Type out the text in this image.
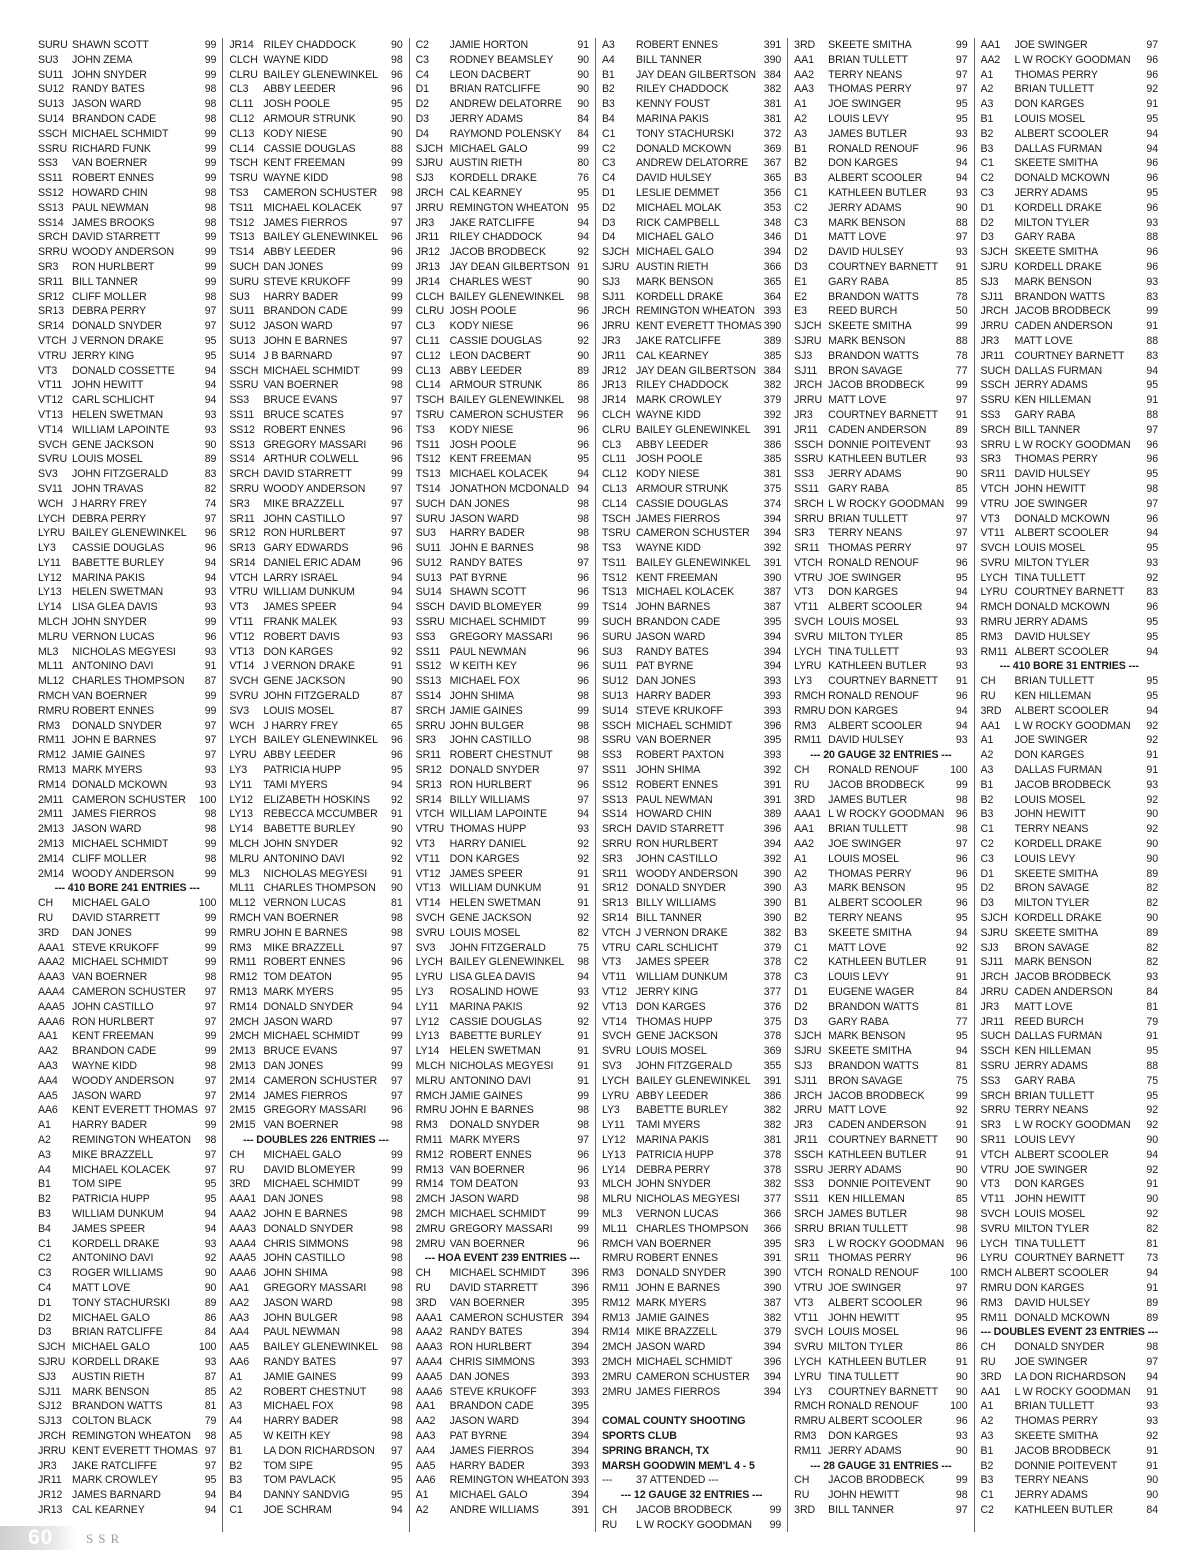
SURU SHAWN SCOTT	99
SU3	JOHN ZEMA	99
SU11 JOHN SNYDER	99
SU12 RANDY BATES	98
SU13 JASON WARD	98
SU14 BRANDON CADE	98
SSCH MICHAEL SCHMIDT	99
SSRU RICHARD FUNK	99
SS3	VAN BOERNER	99
SS11 ROBERT ENNES	99
SS12 HOWARD CHIN	98
SS13 PAUL NEWMAN	98
SS14 JAMES BROOKS	98
SRCH DAVID STARRETT	99
SRRU WOODY ANDERSON	99
SR3	RON HURLBERT	99
SR11 BILL TANNER	99
SR12 CLIFF MOLLER	98
SR13 DEBRA PERRY	97
SR14 DONALD SNYDER	97
VTCH J VERNON DRAKE	95
VTRU JERRY KING	95
VT3	DONALD COSSETTE	94
VT11 JOHN HEWITT	94
VT12 CARL SCHLICHT	94
VT13 HELEN SWETMAN	93
VT14 WILLIAM LAPOINTE	93
SVCH GENE JACKSON	90
SVRU LOUIS MOSEL	89
SV3	JOHN FITZGERALD	83
SV11 JOHN TRAVAS	82
WCH J HARRY FREY	74
LYCH DEBRA PERRY	97
LYRU BAILEY GLENEWINKEL	96
LY3	CASSIE DOUGLAS	96
LY11	BABETTE BURLEY	94
LY12 MARINA PAKIS	94
LY13 HELEN SWETMAN	93
LY14 LISA GLEA DAVIS	93
MLCH JOHN SNYDER	99
MLRU VERNON LUCAS	96
ML3	NICHOLAS MEGYESI	93
ML11 ANTONINO DAVI	91
ML12 CHARLES THOMPSON	87
RMCH VAN BOERNER	99
RMRU ROBERT ENNES	99
RM3	DONALD SNYDER	97
RM11 JOHN E BARNES	97
RM12 JAMIE GAINES	97
RM13 MARK MYERS	93
RM14 DONALD MCKOWN	93
2M11 CAMERON SCHUSTER	100
2M11 JAMES FIERROS	98
2M13 JASON WARD	98
2M13 MICHAEL SCHMIDT	99
2M14 CLIFF MOLLER	98
2M14 WOODY ANDERSON	99
--- 410 BORE 241 ENTRIES ---
CH	MICHAEL GALO	100
RU	DAVID STARRETT	99
3RD	DAN JONES	99
AAA1 STEVE KRUKOFF	99
AAA2 MICHAEL SCHMIDT	99
AAA3 VAN BOERNER	98
AAA4 CAMERON SCHUSTER	97
AAA5 JOHN CASTILLO	97
AAA6 RON HURLBERT	97
AA1	KENT FREEMAN	99
AA2	BRANDON CADE	99
AA3	WAYNE KIDD	98
AA4	WOODY ANDERSON	97
AA5	JASON WARD	97
AA6	KENT EVERETT THOMAS 97
A1	HARRY BADER	99
A2	REMINGTON WHEATON	98
A3	MIKE BRAZZELL	97
A4	MICHAEL KOLACEK	97
B1	TOM SIPE	95
B2	PATRICIA HUPP	95
B3	WILLIAM DUNKUM	94
B4	JAMES SPEER	94
C1	KORDELL DRAKE	93
C2	ANTONINO DAVI	92
C3	ROGER WILLIAMS	90
C4	MATT LOVE	90
D1	TONY STACHURSKI	89
D2	MICHAEL GALO	86
D3	BRIAN RATCLIFFE	84
SJCH MICHAEL GALO	100
SJRU KORDELL DRAKE	93
SJ3	AUSTIN RIETH	87
SJ11	MARK BENSON	85
SJ12 BRANDON WATTS	81
SJ13 COLTON BLACK	79
JRCH REMINGTON WHEATON	98
JRRU KENT EVERETT THOMAS 97
JR3	JAKE RATCLIFFE	97
JR11 MARK CROWLEY	95
JR12 JAMES BARNARD	94
JR13 CAL KEARNEY	94
JR14 RILEY CHADDOCK	90
CLCH WAYNE KIDD	98
CLRU BAILEY GLENEWINKEL	96
CL3	ABBY LEEDER	96
CL11 JOSH POOLE	95
CL12 ARMOUR STRUNK	90
CL13 KODY NIESE	90
CL14 CASSIE DOUGLAS	88
TSCH KENT FREEMAN	99
TSRU WAYNE KIDD	98
TS3	CAMERON SCHUSTER	98
TS11 MICHAEL KOLACEK	97
TS12 JAMES FIERROS	97
TS13 BAILEY GLENEWINKEL	96
TS14 ABBY LEEDER	96
SUCH DAN JONES	99
SURU STEVE KRUKOFF	99
SU3	HARRY BADER	99
SU11 BRANDON CADE	99
SU12 JASON WARD	97
SU13 JOHN E BARNES	97
SU14 J B BARNARD	97
SSCH MICHAEL SCHMIDT	99
SSRU VAN BOERNER	98
SS3	BRUCE EVANS	97
SS11 BRUCE SCATES	97
SS12 ROBERT ENNES	96
SS13 GREGORY MASSARI	96
SS14 ARTHUR COLWELL	96
SRCH DAVID STARRETT	99
SRRU WOODY ANDERSON	97
SR3	MIKE BRAZZELL	97
SR11 JOHN CASTILLO	97
SR12 RON HURLBERT	97
SR13 GARY EDWARDS	96
SR14 DANIEL ERIC ADAM	96
VTCH LARRY ISRAEL	94
VTRU WILLIAM DUNKUM	94
VT3	JAMES SPEER	94
VT11 FRANK MALEK	93
VT12 ROBERT DAVIS	93
VT13 DON KARGES	92
VT14 J VERNON DRAKE	91
SVCH GENE JACKSON	90
SVRU JOHN FITZGERALD	87
SV3	LOUIS MOSEL	87
WCH J HARRY FREY	65
LYCH BAILEY GLENEWINKEL	96
LYRU ABBY LEEDER	96
LY3	PATRICIA HUPP	95
LY11	TAMI MYERS	94
LY12 ELIZABETH HOSKINS	92
LY13 REBECCA MCCUMBER	91
LY14 BABETTE BURLEY	90
MLCH JOHN SNYDER	92
MLRU ANTONINO DAVI	92
ML3	NICHOLAS MEGYESI	91
ML11 CHARLES THOMPSON	90
ML12 VERNON LUCAS	81
RMCH VAN BOERNER	98
RMRU JOHN E BARNES	98
RM3	MIKE BRAZZELL	97
RM11 ROBERT ENNES	96
RM12 TOM DEATON	95
RM13 MARK MYERS	95
RM14 DONALD SNYDER	94
2MCH JASON WARD	97
2MCH MICHAEL SCHMIDT	99
2M13 BRUCE EVANS	97
2M13 DAN JONES	99
2M14 CAMERON SCHUSTER	97
2M14 JAMES FIERROS	97
2M15 GREGORY MASSARI	96
2M15 VAN BOERNER	98
--- DOUBLES 226 ENTRIES ---
CH	MICHAEL GALO	99
RU	DAVID BLOMEYER	99
3RD	MICHAEL SCHMIDT	99
AAA1 DAN JONES	98
AAA2 JOHN E BARNES	98
AAA3 DONALD SNYDER	98
AAA4 CHRIS SIMMONS	98
AAA5 JOHN CASTILLO	98
AAA6 JOHN SHIMA	98
AA1	GREGORY MASSARI	98
AA2	JASON WARD	98
AA3	JOHN BULGER	98
AA4	PAUL NEWMAN	98
AA5	BAILEY GLENEWINKEL	98
AA6	RANDY BATES	97
A1	JAMIE GAINES	99
A2	ROBERT CHESTNUT	98
A3	MICHAEL FOX	98
A4	HARRY BADER	98
A5	W KEITH KEY	98
B1	LA DON RICHARDSON	97
B2	TOM SIPE	95
B3	TOM PAVLACK	95
B4	DANNY SANDVIG	95
C1	JOE SCHRAM	94
C2	JAMIE HORTON	91
C3	RODNEY BEAMSLEY	90
C4	LEON DACBERT	90
D1	BRIAN RATCLIFFE	90
D2	ANDREW DELATORRE	90
D3	JERRY ADAMS	84
D4	RAYMOND POLENSKY	84
SJCH MICHAEL GALO	99
SJRU AUSTIN RIETH	80
SJ3	KORDELL DRAKE	76
JRCH CAL KEARNEY	95
JRRU REMINGTON WHEATON 95
JR3	JAKE RATCLIFFE	94
JR11 RILEY CHADDOCK	94
JR12 JACOB BRODBECK	92
JR13 JAY DEAN GILBERTSON 91
JR14 CHARLES WEST	90
CLCH BAILEY GLENEWINKEL	98
CLRU JOSH POOLE	96
CL3	KODY NIESE	96
CL11 CASSIE DOUGLAS	92
CL12 LEON DACBERT	90
CL13 ABBY LEEDER	89
CL14 ARMOUR STRUNK	86
TSCH BAILEY GLENEWINKEL	98
TSRU CAMERON SCHUSTER	96
TS3	KODY NIESE	96
TS11 JOSH POOLE	96
TS12 KENT FREEMAN	95
TS13 MICHAEL KOLACEK	94
TS14 JONATHON MCDONALD 94
SUCH DAN JONES	98
SURU JASON WARD	98
SU3	HARRY BADER	98
SU11 JOHN E BARNES	98
SU12 RANDY BATES	97
SU13 PAT BYRNE	96
SU14 SHAWN SCOTT	96
SSCH DAVID BLOMEYER	99
SSRU MICHAEL SCHMIDT	99
SS3	GREGORY MASSARI	96
SS11 PAUL NEWMAN	96
SS12 W KEITH KEY	96
SS13 MICHAEL FOX	96
SS14 JOHN SHIMA	98
SRCH JAMIE GAINES	99
SRRU JOHN BULGER	98
SR3	JOHN CASTILLO	98
SR11 ROBERT CHESTNUT	98
SR12 DONALD SNYDER	97
SR13 RON HURLBERT	96
SR14 BILLY WILLIAMS	97
VTCH WILLIAM LAPOINTE	94
VTRU THOMAS HUPP	93
VT3	HARRY DANIEL	92
VT11 DON KARGES	92
VT12 JAMES SPEER	91
VT13 WILLIAM DUNKUM	91
VT14 HELEN SWETMAN	91
SVCH GENE JACKSON	92
SVRU LOUIS MOSEL	82
SV3	JOHN FITZGERALD	75
LYCH BAILEY GLENEWINKEL	98
LYRU LISA GLEA DAVIS	94
LY3	ROSALIND HOWE	93
LY11	MARINA PAKIS	92
LY12 CASSIE DOUGLAS	92
LY13 BABETTE BURLEY	91
LY14 HELEN SWETMAN	91
MLCH NICHOLAS MEGYESI	91
MLRU ANTONINO DAVI	91
RMCH JAMIE GAINES	99
RMRU JOHN E BARNES	98
RM3	DONALD SNYDER	98
RM11 MARK MYERS	97
RM12 ROBERT ENNES	96
RM13 VAN BOERNER	96
RM14 TOM DEATON	93
2MCH JASON WARD	98
2MCH MICHAEL SCHMIDT	99
2MRU GREGORY MASSARI	99
2MRU VAN BOERNER	96
--- HOA EVENT 239 ENTRIES ---
CH	MICHAEL SCHMIDT	396
RU	DAVID STARRETT	396
3RD	VAN BOERNER	395
AAA1 CAMERON SCHUSTER 394
AAA2 RANDY BATES	394
AAA3 RON HURLBERT	394
AAA4 CHRIS SIMMONS	393
AAA5 DAN JONES	393
AAA6 STEVE KRUKOFF	393
AA1	BRANDON CADE	395
AA2	JASON WARD	394
AA3	PAT BYRNE	394
AA4	JAMES FIERROS	394
AA5	HARRY BADER	393
AA6	REMINGTON WHEATON 393
A1	MICHAEL GALO	394
A2	ANDRE WILLIAMS	391
A3	ROBERT ENNES	391
A4	BILL TANNER	390
B1	JAY DEAN GILBERTSON 384
B2	RILEY CHADDOCK	382
B3	KENNY FOUST	381
B4	MARINA PAKIS	381
C1	TONY STACHURSKI	372
C2	DONALD MCKOWN	369
C3	ANDREW DELATORRE	367
C4	DAVID HULSEY	365
D1	LESLIE DEMMET	356
D2	MICHAEL MOLAK	353
D3	RICK CAMPBELL	348
D4	MICHAEL GALO	346
SJCH MICHAEL GALO	394
SJRU AUSTIN RIETH	366
SJ3	MARK BENSON	365
SJ11	KORDELL DRAKE	364
JRCH REMINGTON WHEATON 393
JRRU KENT EVERETT THOMAS 390
JR3	JAKE RATCLIFFE	389
JR11 CAL KEARNEY	385
JR12 JAY DEAN GILBERTSON 384
JR13 RILEY CHADDOCK	382
JR14 MARK CROWLEY	379
CLCH WAYNE KIDD	392
CLRU BAILEY GLENEWINKEL	391
CL3	ABBY LEEDER	386
CL11 JOSH POOLE	385
CL12 KODY NIESE	381
CL13 ARMOUR STRUNK	375
CL14 CASSIE DOUGLAS	374
TSCH JAMES FIERROS	394
TSRU CAMERON SCHUSTER	394
TS3	WAYNE KIDD	392
TS11 BAILEY GLENEWINKEL	391
TS12 KENT FREEMAN	390
TS13 MICHAEL KOLACEK	387
TS14 JOHN BARNES	387
SUCH BRANDON CADE	395
SURU JASON WARD	394
SU3	RANDY BATES	394
SU11 PAT BYRNE	394
SU12 DAN JONES	393
SU13 HARRY BADER	393
SU14 STEVE KRUKOFF	393
SSCH MICHAEL SCHMIDT	396
SSRU VAN BOERNER	395
SS3	ROBERT PAXTON	393
SS11 JOHN SHIMA	392
SS12 ROBERT ENNES	391
SS13 PAUL NEWMAN	391
SS14 HOWARD CHIN	389
SRCH DAVID STARRETT	396
SRRU RON HURLBERT	394
SR3	JOHN CASTILLO	392
SR11 WOODY ANDERSON	390
SR12 DONALD SNYDER	390
SR13 BILLY WILLIAMS	390
SR14 BILL TANNER	390
VTCH J VERNON DRAKE	382
VTRU CARL SCHLICHT	379
VT3	JAMES SPEER	378
VT11 WILLIAM DUNKUM	378
VT12 JERRY KING	377
VT13 DON KARGES	376
VT14 THOMAS HUPP	375
SVCH GENE JACKSON	378
SVRU LOUIS MOSEL	369
SV3	JOHN FITZGERALD	355
LYCH BAILEY GLENEWINKEL	391
LYRU ABBY LEEDER	386
LY3	BABETTE BURLEY	382
LY11	TAMI MYERS	382
LY12 MARINA PAKIS	381
LY13 PATRICIA HUPP	378
LY14 DEBRA PERRY	378
MLCH JOHN SNYDER	382
MLRU NICHOLAS MEGYESI	377
ML3	VERNON LUCAS	366
ML11 CHARLES THOMPSON	366
RMCH VAN BOERNER	395
RMRU ROBERT ENNES	391
RM3	DONALD SNYDER	390
RM11 JOHN E BARNES	390
RM12 MARK MYERS	387
RM13 JAMIE GAINES	382
RM14 MIKE BRAZZELL	379
2MCH JASON WARD	394
2MCH MICHAEL SCHMIDT	396
2MRU CAMERON SCHUSTER	394
2MRU JAMES FIERROS	394
COMAL COUNTY SHOOTING
SPORTS CLUB
SPRING BRANCH, TX
MARSH GOODWIN MEM'L 4 - 5
---	37 ATTENDED ---
--- 12 GAUGE 32 ENTRIES ---
CH	JACOB BRODBECK	99
RU	L W ROCKY GOODMAN	99
3RD	SKEETE SMITHA	99
AA1	BRIAN TULLETT	97
AA2	TERRY NEANS	97
AA3	THOMAS PERRY	97
A1	JOE SWINGER	95
A2	LOUIS LEVY	95
A3	JAMES BUTLER	93
B1	RONALD RENOUF	96
B2	DON KARGES	94
B3	ALBERT SCOOLER	94
C1	KATHLEEN BUTLER	93
C2	JERRY ADAMS	90
C3	MARK BENSON	88
D1	MATT LOVE	97
D2	DAVID HULSEY	93
D3	COURTNEY BARNETT	91
E1	GARY RABA	85
E2	BRANDON WATTS	78
E3	REED BURCH	50
SJCH SKEETE SMITHA	99
SJRU MARK BENSON	88
SJ3	BRANDON WATTS	78
SJ11	BRON SAVAGE	77
JRCH JACOB BRODBECK	99
JRRU MATT LOVE	97
JR3	COURTNEY BARNETT	91
JR11 CADEN ANDERSON	89
SSCH DONNIE POITEVENT	93
SSRU KATHLEEN BUTLER	93
SS3	JERRY ADAMS	90
SS11 GARY RABA	85
SRCH L W ROCKY GOODMAN	99
SRRU BRIAN TULLETT	97
SR3	TERRY NEANS	97
SR11 THOMAS PERRY	97
VTCH RONALD RENOUF	96
VTRU JOE SWINGER	95
VT3	DON KARGES	94
VT11 ALBERT SCOOLER	94
SVCH LOUIS MOSEL	93
SVRU MILTON TYLER	85
LYCH TINA TULLETT	93
LYRU KATHLEEN BUTLER	93
LY3	COURTNEY BARNETT	91
RMCH RONALD RENOUF	96
RMRU DON KARGES	94
RM3	ALBERT SCOOLER	94
RM11 DAVID HULSEY	93
--- 20 GAUGE 32 ENTRIES ---
CH	RONALD RENOUF	100
RU	JACOB BRODBECK	99
3RD	JAMES BUTLER	98
AAA1 L W ROCKY GOODMAN	96
AA1	BRIAN TULLETT	98
AA2	JOE SWINGER	97
A1	LOUIS MOSEL	96
A2	THOMAS PERRY	96
A3	MARK BENSON	95
B1	ALBERT SCOOLER	96
B2	TERRY NEANS	95
B3	SKEETE SMITHA	94
C1	MATT LOVE	92
C2	KATHLEEN BUTLER	91
C3	LOUIS LEVY	91
D1	EUGENE WAGER	84
D2	BRANDON WATTS	81
D3	GARY RABA	77
SJCH MARK BENSON	95
SJRU SKEETE SMITHA	94
SJ3	BRANDON WATTS	81
SJ11	BRON SAVAGE	75
JRCH JACOB BRODBECK	99
JRRU MATT LOVE	92
JR3	CADEN ANDERSON	91
JR11 COURTNEY BARNETT	90
SSCH KATHLEEN BUTLER	91
SSRU JERRY ADAMS	90
SS3	DONNIE POITEVENT	90
SS11 KEN HILLEMAN	85
SRCH JAMES BUTLER	98
SRRU BRIAN TULLETT	98
SR3	L W ROCKY GOODMAN	96
SR11 THOMAS PERRY	96
VTCH RONALD RENOUF	100
VTRU JOE SWINGER	97
VT3	ALBERT SCOOLER	96
VT11 JOHN HEWITT	95
SVCH LOUIS MOSEL	96
SVRU MILTON TYLER	86
LYCH KATHLEEN BUTLER	91
LYRU TINA TULLETT	90
LY3	COURTNEY BARNETT	90
RMCH RONALD RENOUF	100
RMRU ALBERT SCOOLER	96
RM3	DON KARGES	93
RM11 JERRY ADAMS	90
--- 28 GAUGE 31 ENTRIES ---
CH	JACOB BRODBECK	99
RU	JOHN HEWITT	98
3RD	BILL TANNER	97
AA1	JOE SWINGER	97
AA2	L W ROCKY GOODMAN	96
A1	THOMAS PERRY	96
A2	BRIAN TULLETT	92
A3	DON KARGES	91
B1	LOUIS MOSEL	95
B2	ALBERT SCOOLER	94
B3	DALLAS FURMAN	94
C1	SKEETE SMITHA	96
C2	DONALD MCKOWN	96
C3	JERRY ADAMS	95
D1	KORDELL DRAKE	96
D2	MILTON TYLER	93
D3	GARY RABA	88
SJCH SKEETE SMITHA	96
SJRU KORDELL DRAKE	96
SJ3	MARK BENSON	93
SJ11	BRANDON WATTS	83
JRCH JACOB BRODBECK	99
JRRU CADEN ANDERSON	91
JR3	MATT LOVE	88
JR11 COURTNEY BARNETT	83
SUCH DALLAS FURMAN	94
SSCH JERRY ADAMS	95
SSRU KEN HILLEMAN	91
SS3	GARY RABA	88
SRCH BILL TANNER	97
SRRU L W ROCKY GOODMAN	96
SR3	THOMAS PERRY	96
SR11 DAVID HULSEY	95
VTCH JOHN HEWITT	98
VTRU JOE SWINGER	97
VT3	DONALD MCKOWN	96
VT11 ALBERT SCOOLER	94
SVCH LOUIS MOSEL	95
SVRU MILTON TYLER	93
LYCH TINA TULLETT	92
LYRU COURTNEY BARNETT	83
RMCH DONALD MCKOWN	96
RMRU JERRY ADAMS	95
RM3	DAVID HULSEY	95
RM11 ALBERT SCOOLER	94
--- 410 BORE 31 ENTRIES ---
CH	BRIAN TULLETT	95
RU	KEN HILLEMAN	95
3RD	ALBERT SCOOLER	94
AA1	L W ROCKY GOODMAN	92
A1	JOE SWINGER	92
A2	DON KARGES	91
A3	DALLAS FURMAN	91
B1	JACOB BRODBECK	93
B2	LOUIS MOSEL	92
B3	JOHN HEWITT	90
C1	TERRY NEANS	92
C2	KORDELL DRAKE	90
C3	LOUIS LEVY	90
D1	SKEETE SMITHA	89
D2	BRON SAVAGE	82
D3	MILTON TYLER	82
SJCH KORDELL DRAKE	90
SJRU SKEETE SMITHA	89
SJ3	BRON SAVAGE	82
SJ11	MARK BENSON	82
JRCH JACOB BRODBECK	93
JRRU CADEN ANDERSON	84
JR3	MATT LOVE	81
JR11 REED BURCH	79
SUCH DALLAS FURMAN	91
SSCH KEN HILLEMAN	95
SSRU JERRY ADAMS	88
SS3	GARY RABA	75
SRCH BRIAN TULLETT	95
SRRU TERRY NEANS	92
SR3	L W ROCKY GOODMAN	92
SR11 LOUIS LEVY	90
VTCH ALBERT SCOOLER	94
VTRU JOE SWINGER	92
VT3	DON KARGES	91
VT11 JOHN HEWITT	90
SVCH LOUIS MOSEL	92
SVRU MILTON TYLER	82
LYCH TINA TULLETT	81
LYRU COURTNEY BARNETT	73
RMCH ALBERT SCOOLER	94
RMRU DON KARGES	91
RM3	DAVID HULSEY	89
RM11 DONALD MCKOWN	89
--- DOUBLES EVENT 23 ENTRIES ---
CH	DONALD SNYDER	98
RU	JOE SWINGER	97
3RD	LA DON RICHARDSON	94
AA1	L W ROCKY GOODMAN	91
A1	BRIAN TULLETT	93
A2	THOMAS PERRY	93
A3	SKEETE SMITHA	92
B1	JACOB BRODBECK	91
B2	DONNIE POITEVENT	91
B3	TERRY NEANS	90
C1	JERRY ADAMS	90
C2	KATHLEEN BUTLER	84
60	SSR
